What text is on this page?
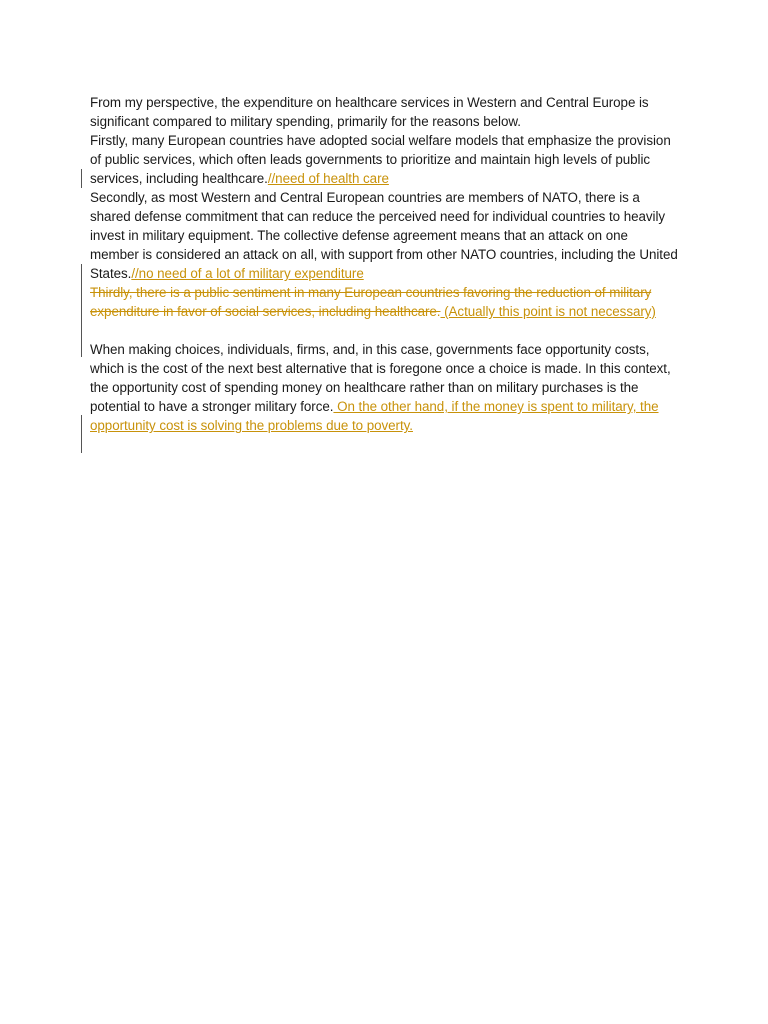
From my perspective, the expenditure on healthcare services in Western and Central Europe is significant compared to military spending, primarily for the reasons below.

Firstly, many European countries have adopted social welfare models that emphasize the provision of public services, which often leads governments to prioritize and maintain high levels of public services, including healthcare.//need of health care

Secondly, as most Western and Central European countries are members of NATO, there is a shared defense commitment that can reduce the perceived need for individual countries to heavily invest in military equipment. The collective defense agreement means that an attack on one member is considered an attack on all, with support from other NATO countries, including the United States.//no need of a lot of military expenditure

Thirdly, there is a public sentiment in many European countries favoring the reduction of military expenditure in favor of social services, including healthcare. (Actually this point is not necessary)

When making choices, individuals, firms, and, in this case, governments face opportunity costs, which is the cost of the next best alternative that is foregone once a choice is made. In this context, the opportunity cost of spending money on healthcare rather than on military purchases is the potential to have a stronger military force. On the other hand, if the money is spent to military, the opportunity cost is solving the problems due to poverty.
